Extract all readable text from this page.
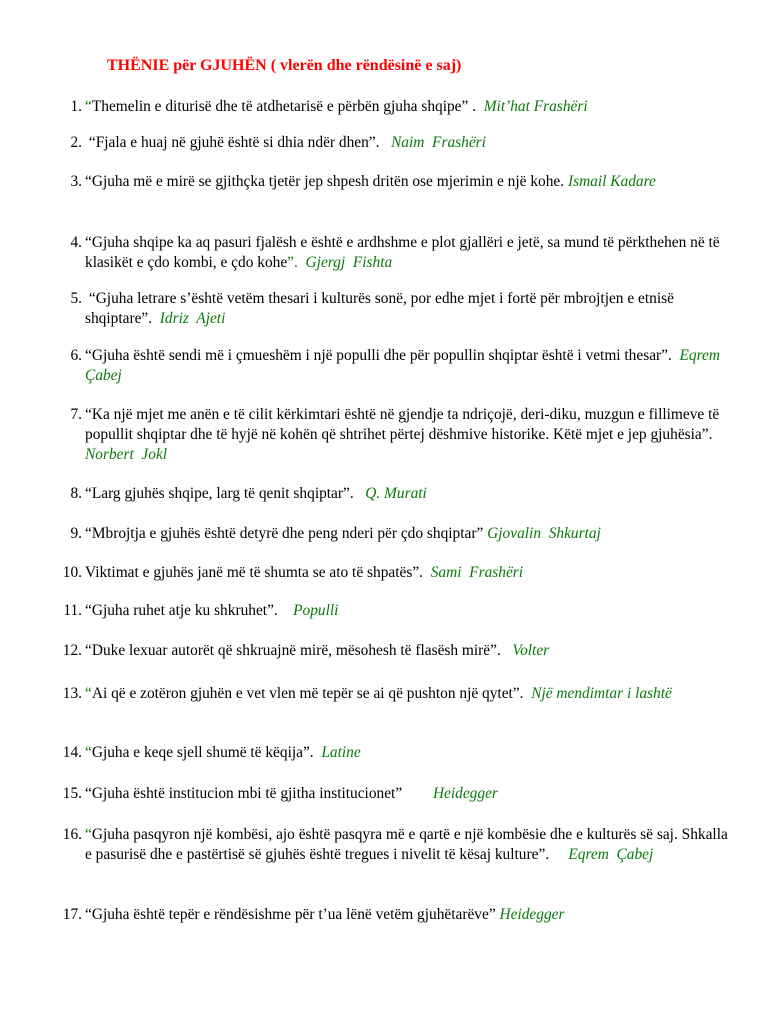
THËNIE për GJUHËN ( vlerën dhe rëndësinë e saj)
1. “Themelin e diturisë dhe të atdhetarisë e përbën gjuha shqipe” .  Mit’hat Frashëri
2. “Fjala e huaj në gjuhë është si dhia ndër dhen”.   Naim  Frashëri
3. “Gjuha më e mirë se gjithçka tjetër jep shpesh dritën ose mjerimin e një kohe. Ismail Kadare
4. “Gjuha shqipe ka aq pasuri fjalësh e është e ardhshme e plot gjallëri e jetë, sa mund të përkthehen në të klasikët e çdo kombi, e çdo kohe”.  Gjergj  Fishta
5. “Gjuha letrare s’është vetëm thesari i kulturës sonë, por edhe mjet i fortë për mbrojtjen e etnisë shqiptare”.  Idriz  Ajeti
6. “Gjuha është sendi më i çmueshëm i një populli dhe për popullin shqiptar është i vetmi thesar”.  Eqrem Çabej
7. “Ka një mjet me anën e të cilit kërkimtari është në gjendje ta ndriçojë, deri-diku, muzgun e fillimeve të popullit shqiptar dhe të hyjë në kohën që shtrihet përtej dëshmive historike. Këtë mjet e jep gjuhësia”.  Norbert  Jokl
8. “Larg gjuhës shqipe, larg të qenit shqiptar”.   Q. Murati
9. “Mbrojtja e gjuhës është detyrë dhe peng nderi për çdo shqiptar” Gjovalin  Shkurtaj
10. Viktimat e gjuhës janë më të shumta se ato të shpatës”.  Sami  Frashëri
11. “Gjuha ruhet atje ku shkruhet”.    Populli
12. “Duke lexuar autorët që shkruajnë mirë, mësohesh të flasësh mirë”.   Volter
13. “Ai që e zotëron gjuhën e vet vlen më tepër se ai që pushton një qytet”.  Një mendimtar i lashtë
14. “Gjuha e keqe sjell shumë të këqija”.  Latine
15. “Gjuha është institucion mbi të gjitha institucionet”        Heidegger
16. “Gjuha pasqyron një kombësi, ajo është pasqyra më e qartë e një kombësie dhe e kulturës së saj. Shkalla e pasurisë dhe e pastërtisë së gjuhës është tregues i nivelit të kësaj kulture”.     Eqrem  Çabej
17. “Gjuha është tepër e rëndësishme për t’ua lënë vetëm gjuhëtarëve” Heidegger
